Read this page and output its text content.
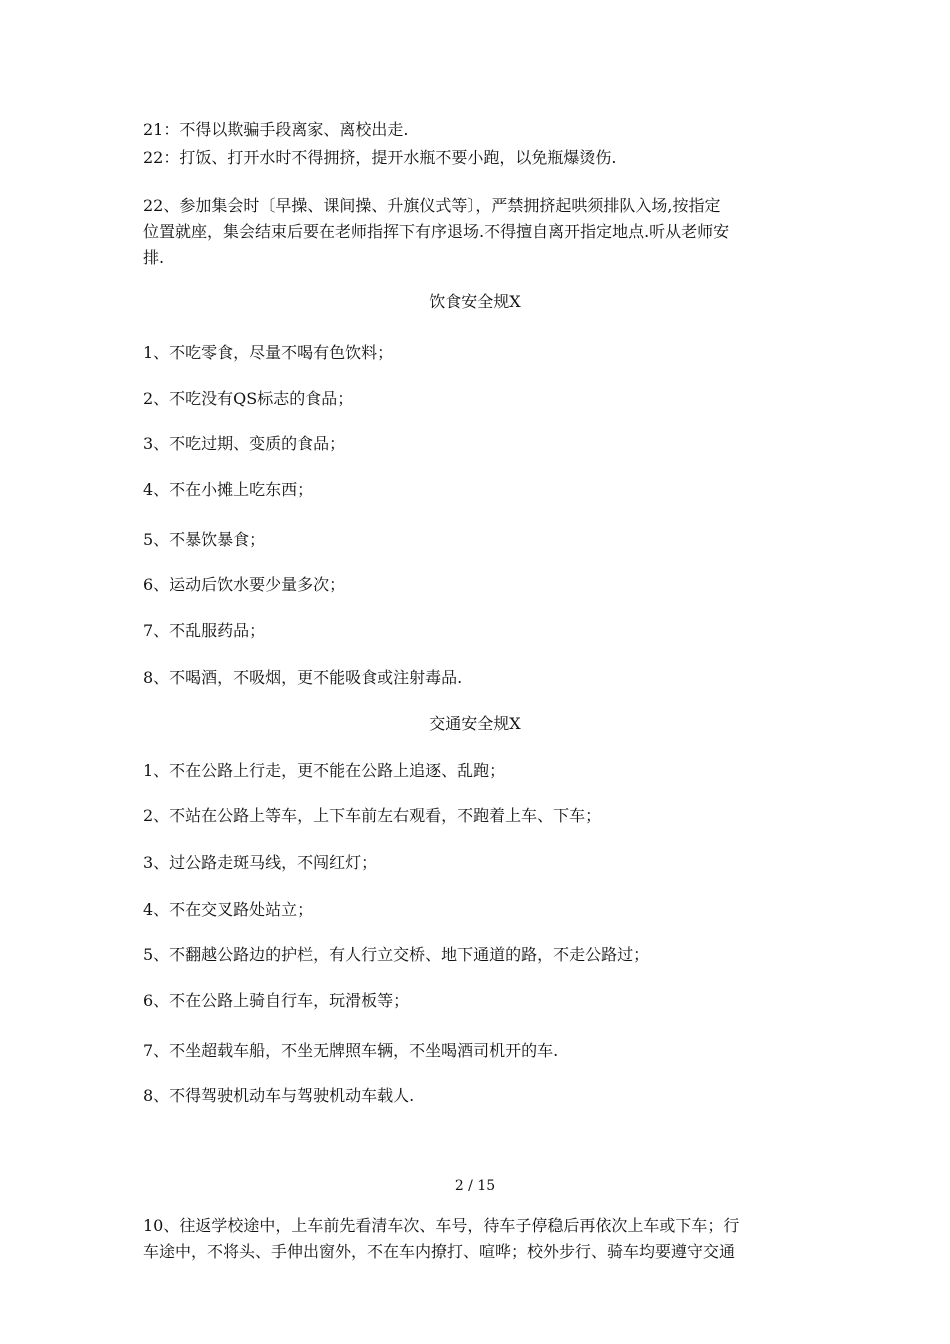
21：不得以欺骗手段离家、离校出走.
22：打饭、打开水时不得拥挤，提开水瓶不要小跑，以免瓶爆烫伤.
22、参加集会时〔早操、课间操、升旗仪式等〕，严禁拥挤起哄须排队入场,按指定
位置就座，集会结束后要在老师指挥下有序退场.不得擅自离开指定地点.听从老师安
排.
饮食安全规X
1、不吃零食，尽量不喝有色饮料；
2、不吃没有QS标志的食品；
3、不吃过期、变质的食品；
4、不在小摊上吃东西；
5、不暴饮暴食；
6、运动后饮水要少量多次；
7、不乱服药品；
8、不喝酒，不吸烟，更不能吸食或注射毒品.
交通安全规X
1、不在公路上行走，更不能在公路上追逐、乱跑；
2、不站在公路上等车，上下车前左右观看，不跑着上车、下车；
3、过公路走斑马线，不闯红灯；
4、不在交叉路处站立；
5、不翻越公路边的护栏，有人行立交桥、地下通道的路，不走公路过；
6、不在公路上骑自行车，玩滑板等；
7、不坐超载车船，不坐无牌照车辆，不坐喝酒司机开的车.
8、不得驾驶机动车与驾驶机动车载人.
2 / 15
10、往返学校途中，上车前先看清车次、车号，待车子停稳后再依次上车或下车；行
车途中，不将头、手伸出窗外，不在车内撩打、喧哗；校外步行、骑车均要遵守交通
